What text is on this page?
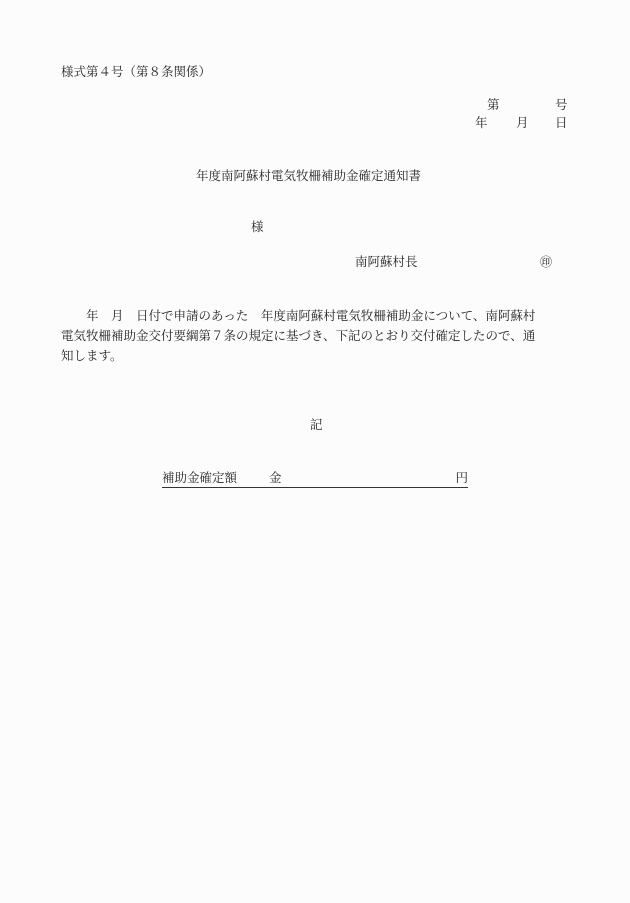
様式第４号（第８条関係）
第	号
年 月 日
年度南阿蘇村電気牧柵補助金確定通知書
様
南阿蘇村長	㊞
　　年　月　日付で申請のあった　年度南阿蘇村電気牧柵補助金について、南阿蘇村
電気牧柵補助金交付要綱第７条の規定に基づき、下記のとおり交付確定したので、通
知します。
記
補助金確定額	金	円
